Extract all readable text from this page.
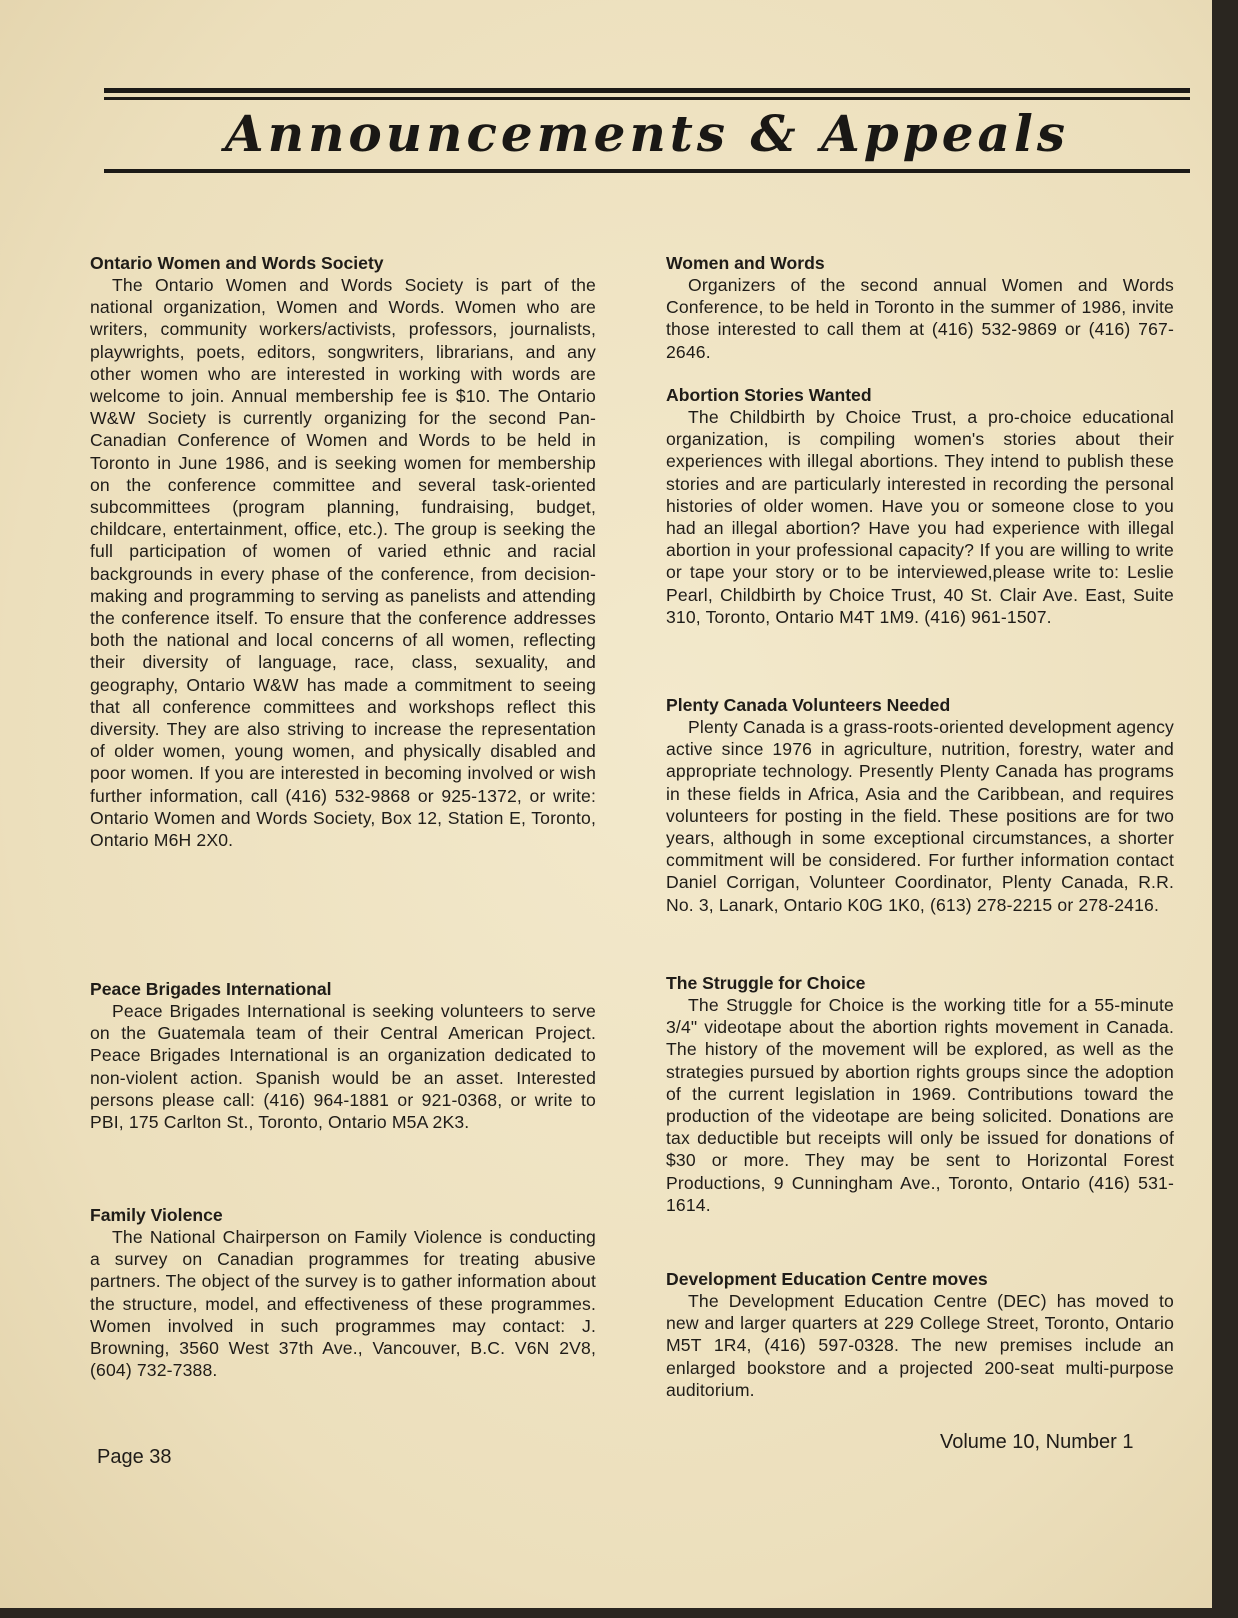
Announcements & Appeals
Ontario Women and Words Society

The Ontario Women and Words Society is part of the national organization, Women and Words. Women who are writers, community workers/activists, professors, journalists, playwrights, poets, editors, songwriters, librarians, and any other women who are interested in working with words are welcome to join. Annual membership fee is $10. The Ontario W&W Society is currently organizing for the second Pan-Canadian Conference of Women and Words to be held in Toronto in June 1986, and is seeking women for membership on the conference committee and several task-oriented subcommittees (program planning, fundraising, budget, childcare, entertainment, office, etc.). The group is seeking the full participation of women of varied ethnic and racial backgrounds in every phase of the conference, from decision-making and programming to serving as panelists and attending the conference itself. To ensure that the conference addresses both the national and local concerns of all women, reflecting their diversity of language, race, class, sexuality, and geography, Ontario W&W has made a commitment to seeing that all conference committees and workshops reflect this diversity. They are also striving to increase the representation of older women, young women, and physically disabled and poor women. If you are interested in becoming involved or wish further information, call (416) 532-9868 or 925-1372, or write: Ontario Women and Words Society, Box 12, Station E, Toronto, Ontario M6H 2X0.

Peace Brigades International

Peace Brigades International is seeking volunteers to serve on the Guatemala team of their Central American Project. Peace Brigades International is an organization dedicated to non-violent action. Spanish would be an asset. Interested persons please call: (416) 964-1881 or 921-0368, or write to PBI, 175 Carlton St., Toronto, Ontario M5A 2K3.

Family Violence

The National Chairperson on Family Violence is conducting a survey on Canadian programmes for treating abusive partners. The object of the survey is to gather information about the structure, model, and effectiveness of these programmes. Women involved in such programmes may contact: J. Browning, 3560 West 37th Ave., Vancouver, B.C. V6N 2V8, (604) 732-7388.

Women and Words

Organizers of the second annual Women and Words Conference, to be held in Toronto in the summer of 1986, invite those interested to call them at (416) 532-9869 or (416) 767-2646.

Abortion Stories Wanted

The Childbirth by Choice Trust, a pro-choice educational organization, is compiling women's stories about their experiences with illegal abortions. They intend to publish these stories and are particularly interested in recording the personal histories of older women. Have you or someone close to you had an illegal abortion? Have you had experience with illegal abortion in your professional capacity? If you are willing to write or tape your story or to be interviewed,please write to: Leslie Pearl, Childbirth by Choice Trust, 40 St. Clair Ave. East, Suite 310, Toronto, Ontario M4T 1M9. (416) 961-1507.

Plenty Canada Volunteers Needed

Plenty Canada is a grass-roots-oriented development agency active since 1976 in agriculture, nutrition, forestry, water and appropriate technology. Presently Plenty Canada has programs in these fields in Africa, Asia and the Caribbean, and requires volunteers for posting in the field. These positions are for two years, although in some exceptional circumstances, a shorter commitment will be considered. For further information contact Daniel Corrigan, Volunteer Coordinator, Plenty Canada, R.R. No. 3, Lanark, Ontario K0G 1K0, (613) 278-2215 or 278-2416.

The Struggle for Choice

The Struggle for Choice is the working title for a 55-minute 3/4" videotape about the abortion rights movement in Canada. The history of the movement will be explored, as well as the strategies pursued by abortion rights groups since the adoption of the current legislation in 1969. Contributions toward the production of the videotape are being solicited. Donations are tax deductible but receipts will only be issued for donations of $30 or more. They may be sent to Horizontal Forest Productions, 9 Cunningham Ave., Toronto, Ontario (416) 531-1614.

Development Education Centre moves

The Development Education Centre (DEC) has moved to new and larger quarters at 229 College Street, Toronto, Ontario M5T 1R4, (416) 597-0328. The new premises include an enlarged bookstore and a projected 200-seat multi-purpose auditorium.

Page 38
Volume 10, Number 1
